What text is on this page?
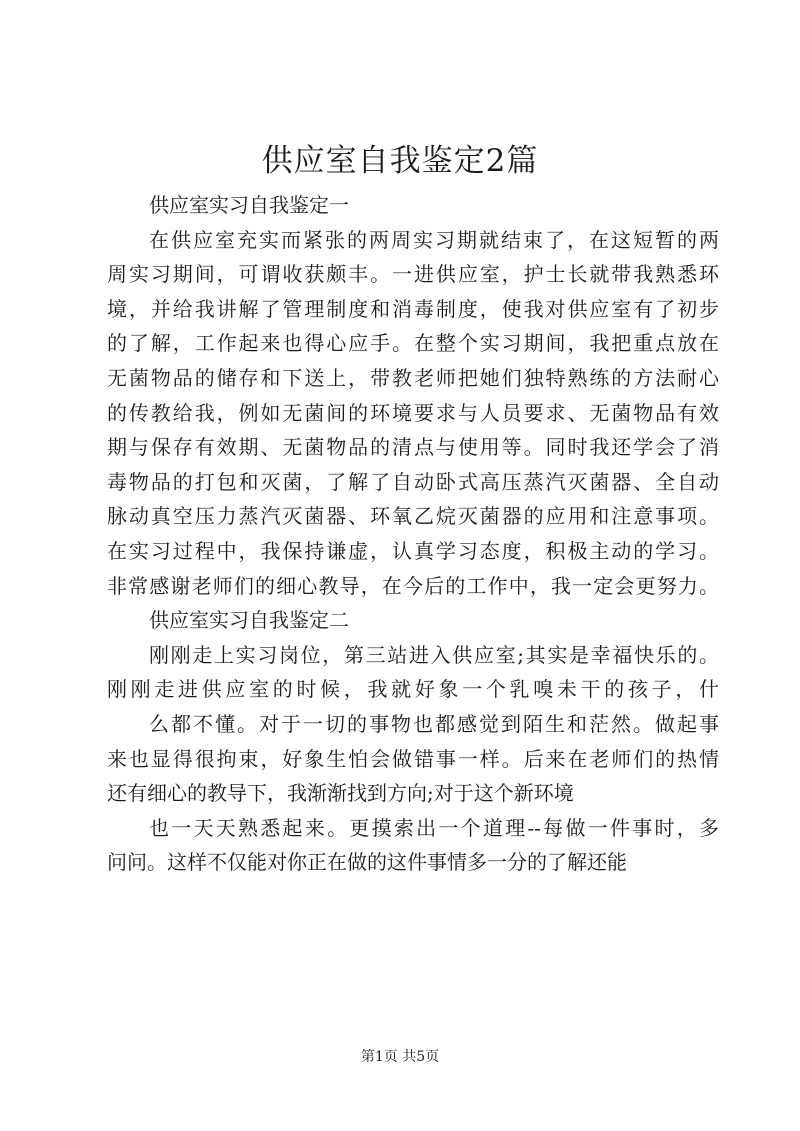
供应室自我鉴定2篇
供应室实习自我鉴定一
在供应室充实而紧张的两周实习期就结束了，在这短暂的两
周实习期间，可谓收获颇丰。一进供应室，护士长就带我熟悉环
境，并给我讲解了管理制度和消毒制度，使我对供应室有了初步
的了解，工作起来也得心应手。在整个实习期间，我把重点放在
无菌物品的储存和下送上，带教老师把她们独特熟练的方法耐心
的传教给我，例如无菌间的环境要求与人员要求、无菌物品有效
期与保存有效期、无菌物品的清点与使用等。同时我还学会了消
毒物品的打包和灭菌，了解了自动卧式高压蒸汽灭菌器、全自动
脉动真空压力蒸汽灭菌器、环氧乙烷灭菌器的应用和注意事项。
在实习过程中，我保持谦虚，认真学习态度，积极主动的学习。
非常感谢老师们的细心教导，在今后的工作中，我一定会更努力。
供应室实习自我鉴定二
刚刚走上实习岗位，第三站进入供应室;其实是幸福快乐的。
刚刚走进供应室的时候，我就好象一个乳嗅未干的孩子，什
么都不懂。对于一切的事物也都感觉到陌生和茫然。做起事
来也显得很拘束，好象生怕会做错事一样。后来在老师们的热情
还有细心的教导下，我渐渐找到方向;对于这个新环境
也一天天熟悉起来。更摸索出一个道理--每做一件事时，多
问问。这样不仅能对你正在做的这件事情多一分的了解还能
第1页 共5页
